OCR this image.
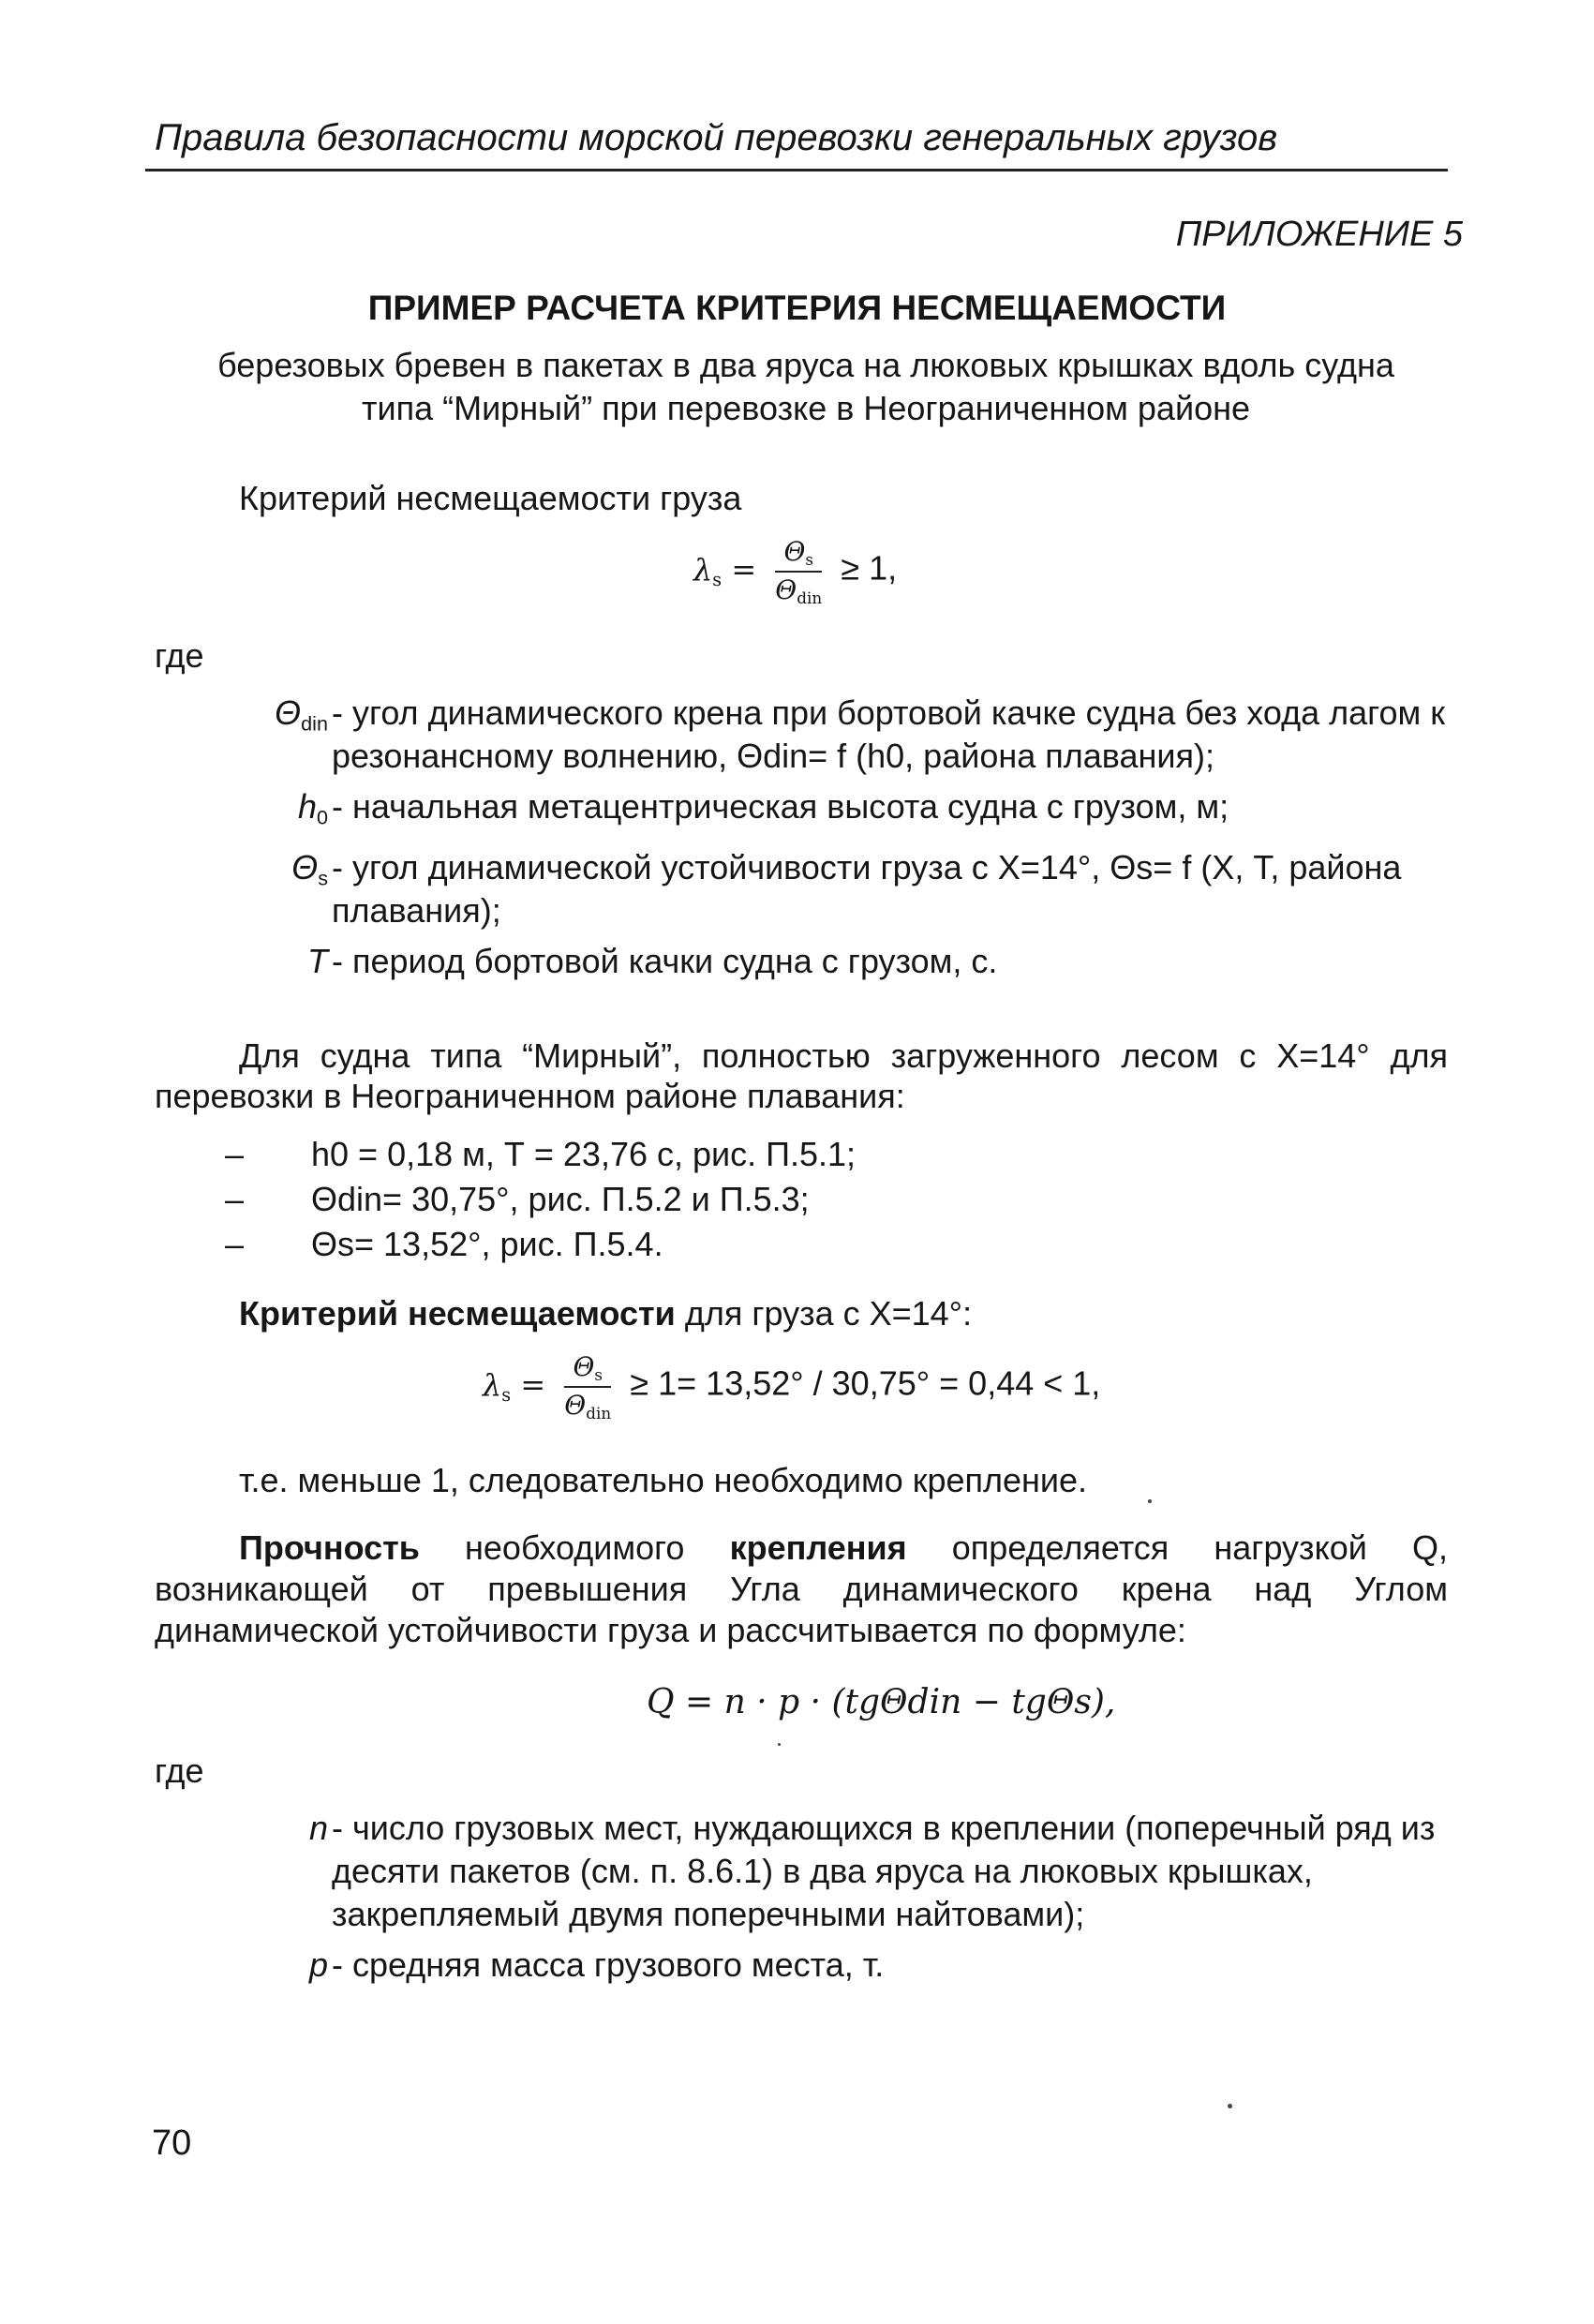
Правила безопасности морской перевозки генеральных грузов
ПРИЛОЖЕНИЕ 5
ПРИМЕР РАСЧЕТА КРИТЕРИЯ НЕСМЕЩАЕМОСТИ
березовых бревен в пакетах в два яруса на люковых крышках вдоль судна
типа “Мирный” при перевозке в Неограниченном районе
Критерий несмещаемости груза
$\lambda_s = \frac{\Theta_s}{\Theta_{din}} \ge 1$,
где
$\Theta_{din}$ - угол динамического крена при бортовой качке судна без хода лагом к резонансному волнению, Θdin= f (h0, района плавания);
$h_0$ - начальная метацентрическая высота судна с грузом, м;
$\Theta_s$ - угол динамической устойчивости груза с Χ=14°, Θs= f (Χ, Т, района плавания);
T - период бортовой качки судна с грузом, с.
Для судна типа “Мирный”, полностью загруженного лесом с Χ=14° для
перевозки в Неограниченном районе плавания:
–	h0 = 0,18 м, Т = 23,76 с, рис. П.5.1;
–	Θdin= 30,75°, рис. П.5.2 и П.5.3;
–	Θs= 13,52°, рис. П.5.4.
Критерий несмещаемости для груза с Χ=14°:
$\lambda_s = \frac{\Theta_s}{\Theta_{din}} \ge 1= 13,52^\circ / 30,75^\circ = 0,44 < 1$,
т.е. меньше 1, следовательно необходимо крепление.
Прочность необходимого крепления определяется нагрузкой Q,
возникающей от превышения Угла динамического крена над Углом
динамической устойчивости груза и рассчитывается по формуле:
Q = n · p · (tgΘdin − tgΘs),
где
n - число грузовых мест, нуждающихся в креплении (поперечный ряд из десяти пакетов (см. п. 8.6.1) в два яруса на люковых крышках, закрепляемый двумя поперечными найтовами);
p - средняя масса грузового места, т.
70
